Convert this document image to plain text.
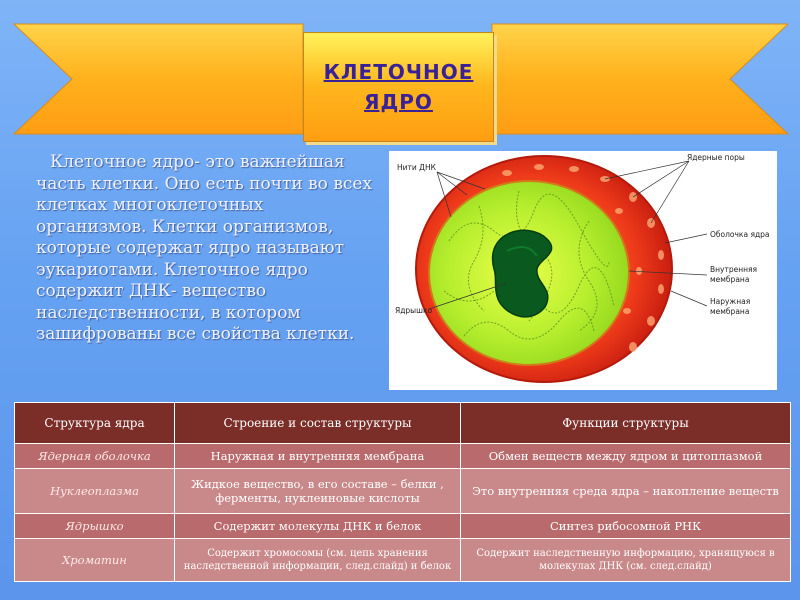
КЛЕТОЧНОЕ
ЯДРО
Клеточное ядро- это важнейшая часть клетки. Оно есть почти во всех клетках многоклеточных организмов. Клетки организмов, которые содержат ядро называют эукариотами. Клеточное ядро содержит ДНК- вещество наследственности, в котором зашифрованы все свойства клетки.
Нити ДНК
Ядерные поры
Оболочка ядра
Внутренняя
мембрана
Наружная
мембрана
Ядрышко
Структура ядра	Строение и состав структуры	Функции структуры
Ядерная оболочка	Наружная и внутренняя мембрана	Обмен веществ между ядром и цитоплазмой
Нуклеоплазма	Жидкое вещество, в его составе – белки , ферменты, нуклеиновые кислоты	Это внутренняя среда ядра – накопление веществ
Ядрышко	Содержит молекулы ДНК и белок	Синтез рибосомной РНК
Хроматин	Содержит хромосомы (см. цепь хранения наследственной информации, след.слайд) и белок	Содержит наследственную информацию, хранящуюся в молекулах ДНК (см. след.слайд)
